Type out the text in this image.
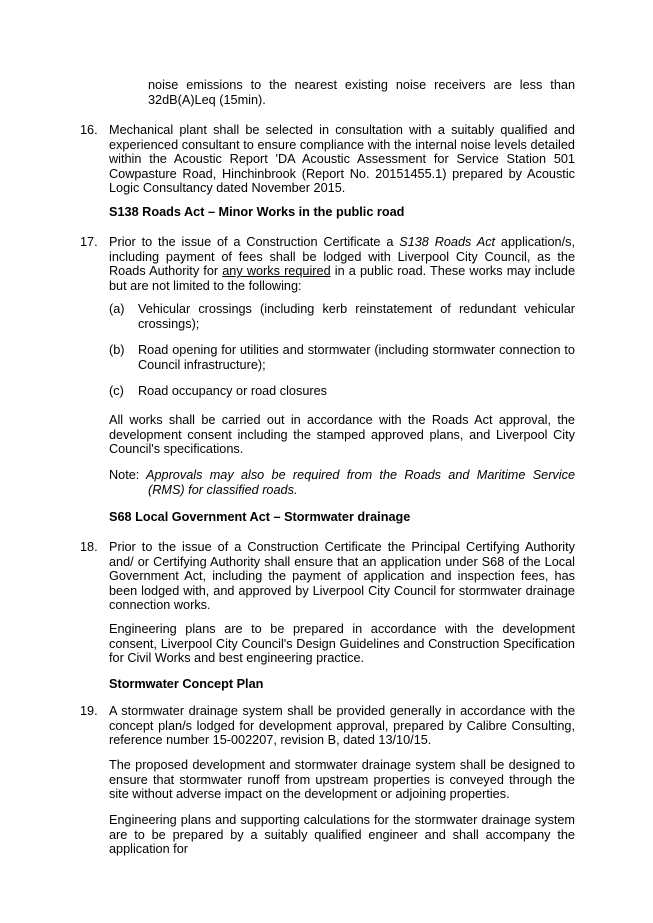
noise emissions to the nearest existing noise receivers are less than 32dB(A)Leq (15min).

16. Mechanical plant shall be selected in consultation with a suitably qualified and experienced consultant to ensure compliance with the internal noise levels detailed within the Acoustic Report 'DA Acoustic Assessment for Service Station 501 Cowpasture Road, Hinchinbrook (Report No. 20151455.1) prepared by Acoustic Logic Consultancy dated November 2015.

S138 Roads Act – Minor Works in the public road

17. Prior to the issue of a Construction Certificate a S138 Roads Act application/s, including payment of fees shall be lodged with Liverpool City Council, as the Roads Authority for any works required in a public road. These works may include but are not limited to the following:

(a) Vehicular crossings (including kerb reinstatement of redundant vehicular crossings);

(b) Road opening for utilities and stormwater (including stormwater connection to Council infrastructure);

(c) Road occupancy or road closures

All works shall be carried out in accordance with the Roads Act approval, the development consent including the stamped approved plans, and Liverpool City Council's specifications.

Note: Approvals may also be required from the Roads and Maritime Service (RMS) for classified roads.

S68 Local Government Act – Stormwater drainage

18. Prior to the issue of a Construction Certificate the Principal Certifying Authority and/ or Certifying Authority shall ensure that an application under S68 of the Local Government Act, including the payment of application and inspection fees, has been lodged with, and approved by Liverpool City Council for stormwater drainage connection works.

Engineering plans are to be prepared in accordance with the development consent, Liverpool City Council's Design Guidelines and Construction Specification for Civil Works and best engineering practice.

Stormwater Concept Plan

19. A stormwater drainage system shall be provided generally in accordance with the concept plan/s lodged for development approval, prepared by Calibre Consulting, reference number 15-002207, revision B, dated 13/10/15.

The proposed development and stormwater drainage system shall be designed to ensure that stormwater runoff from upstream properties is conveyed through the site without adverse impact on the development or adjoining properties.

Engineering plans and supporting calculations for the stormwater drainage system are to be prepared by a suitably qualified engineer and shall accompany the application for
